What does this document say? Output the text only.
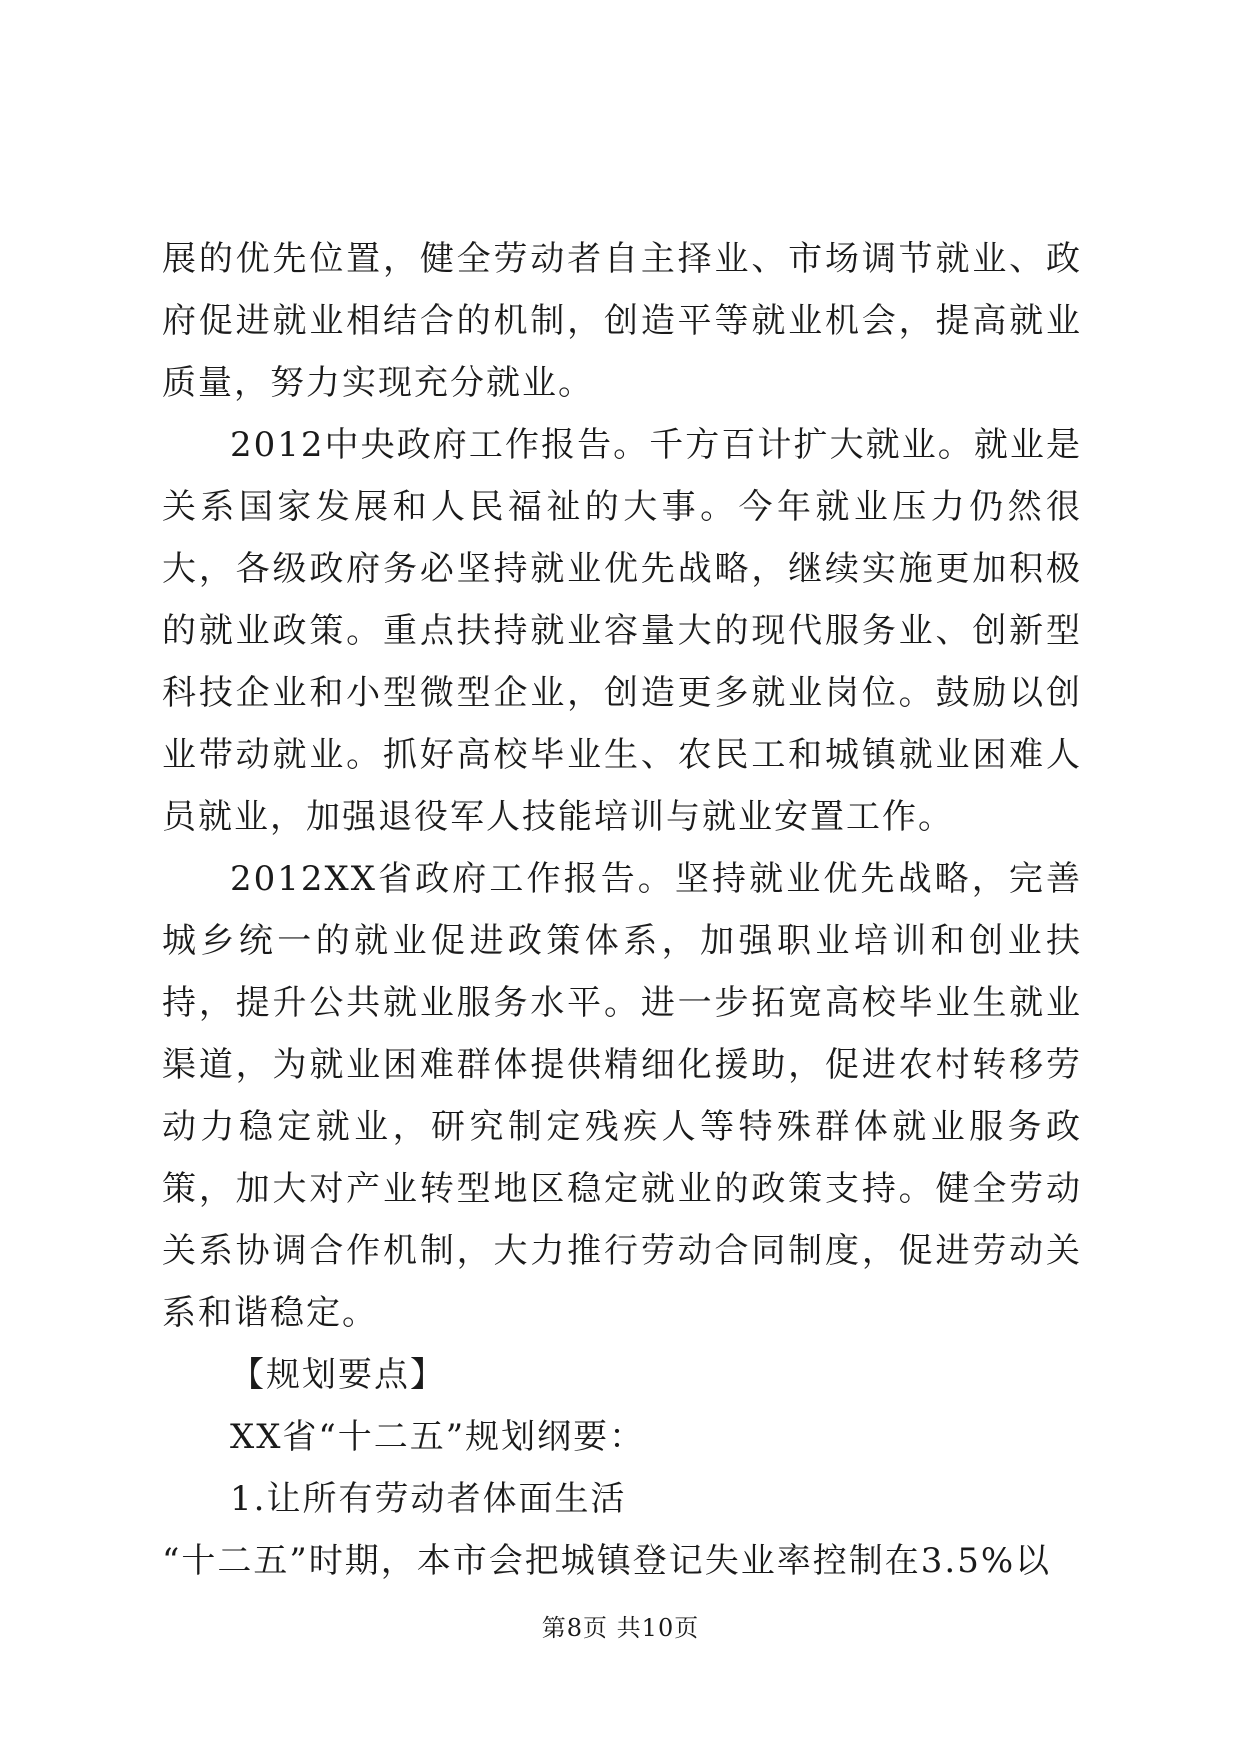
展的优先位置，健全劳动者自主择业、市场调节就业、政府促进就业相结合的机制，创造平等就业机会，提高就业质量，努力实现充分就业。

2012中央政府工作报告。千方百计扩大就业。就业是关系国家发展和人民福祉的大事。今年就业压力仍然很大，各级政府务必坚持就业优先战略，继续实施更加积极的就业政策。重点扶持就业容量大的现代服务业、创新型科技企业和小型微型企业，创造更多就业岗位。鼓励以创业带动就业。抓好高校毕业生、农民工和城镇就业困难人员就业，加强退役军人技能培训与就业安置工作。

2012XX省政府工作报告。坚持就业优先战略，完善城乡统一的就业促进政策体系，加强职业培训和创业扶持，提升公共就业服务水平。进一步拓宽高校毕业生就业渠道，为就业困难群体提供精细化援助，促进农村转移劳动力稳定就业，研究制定残疾人等特殊群体就业服务政策，加大对产业转型地区稳定就业的政策支持。健全劳动关系协调合作机制，大力推行劳动合同制度，促进劳动关系和谐稳定。

【规划要点】

XX省“十二五”规划纲要：

1.让所有劳动者体面生活

“十二五”时期，本市会把城镇登记失业率控制在3.5%以

第8页 共10页
